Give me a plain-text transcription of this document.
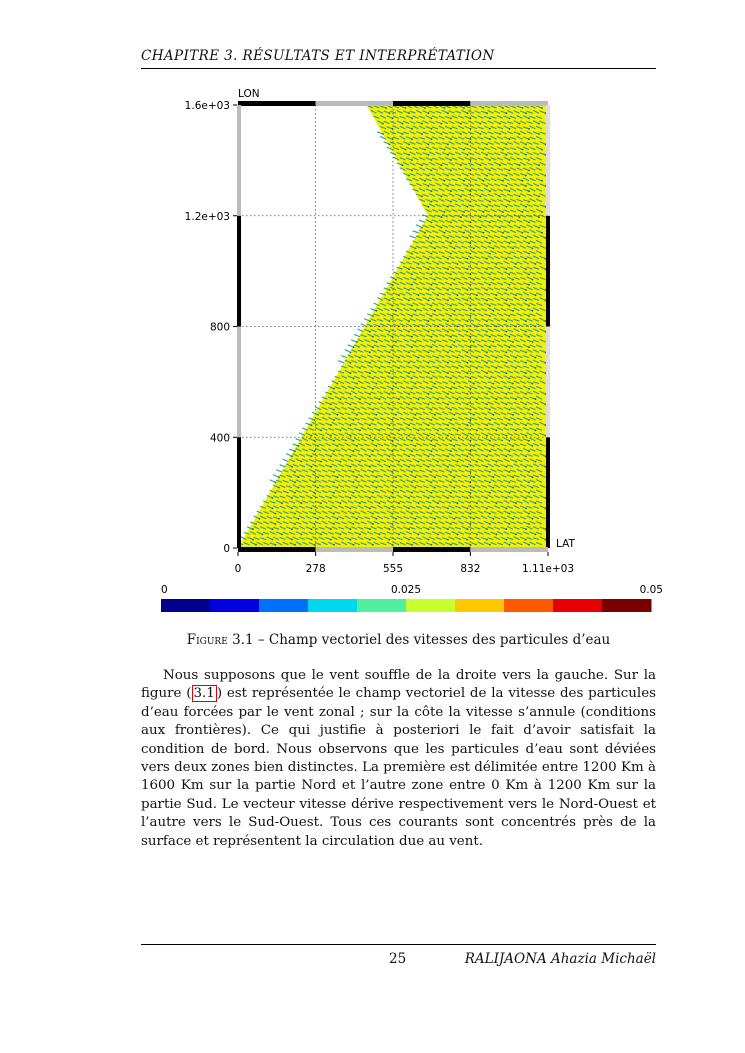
CHAPITRE 3. RÉSULTATS ET INTERPRÉTATION
LON
LAT
0	278	555	832	1.11e+03
0
400
800
1.2e+03
1.6e+03
0	0.025	0.05
Figure 3.1 – Champ vectoriel des vitesses des particules d’eau
Nous supposons que le vent souffle de la droite vers la gauche. Sur la figure ( 3.1 ) est représentée le champ vectoriel de la vitesse des particules d’eau forcées par le vent zonal ; sur la côte la vitesse s’annule (conditions aux frontières). Ce qui justifie à posteriori le fait d’avoir satisfait la condition de bord. Nous observons que les particules d’eau sont déviées vers deux zones bien distinctes. La première est délimitée entre 1200 Km à 1600 Km sur la partie Nord et l’autre zone entre 0 Km à 1200 Km sur la partie Sud. Le vecteur vitesse dérive respectivement vers le Nord-Ouest et l’autre vers le Sud-Ouest. Tous ces courants sont concentrés près de la surface et représentent la circulation due au vent.
25	RALIJAONA Ahazia Michaël
